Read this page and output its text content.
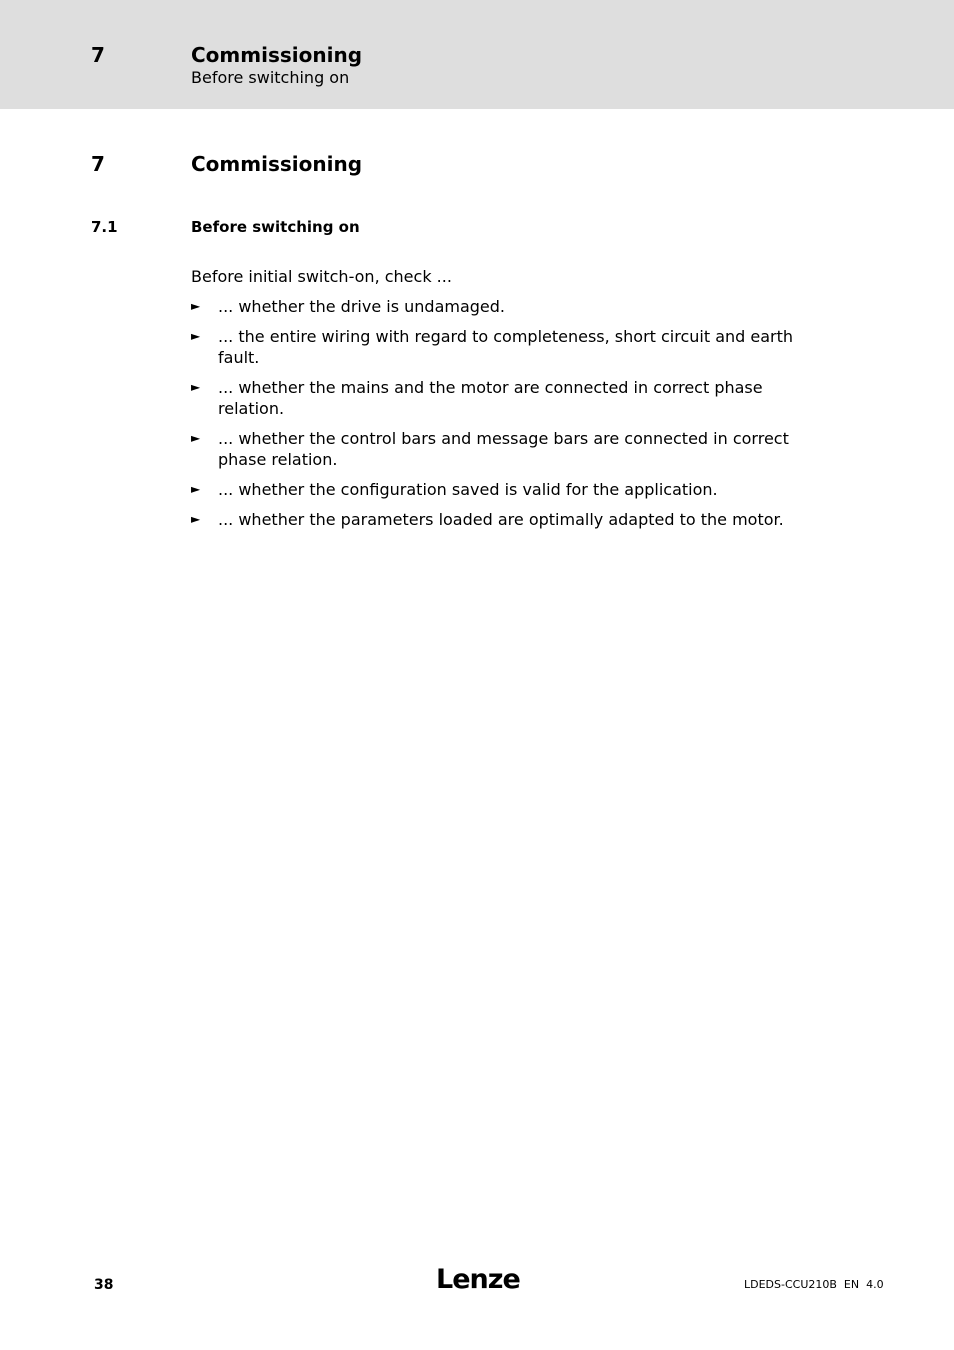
7	Commissioning
Before switching on
7	Commissioning
7.1	Before switching on
Before initial switch-on, check ...
► ... whether the drive is undamaged.
► ... the entire wiring with regard to completeness, short circuit and earth fault.
► ... whether the mains and the motor are connected in correct phase relation.
► ... whether the control bars and message bars are connected in correct phase relation.
► ... whether the configuration saved is valid for the application.
► ... whether the parameters loaded are optimally adapted to the motor.
38	Lenze	LDEDS-CCU210B  EN  4.0
